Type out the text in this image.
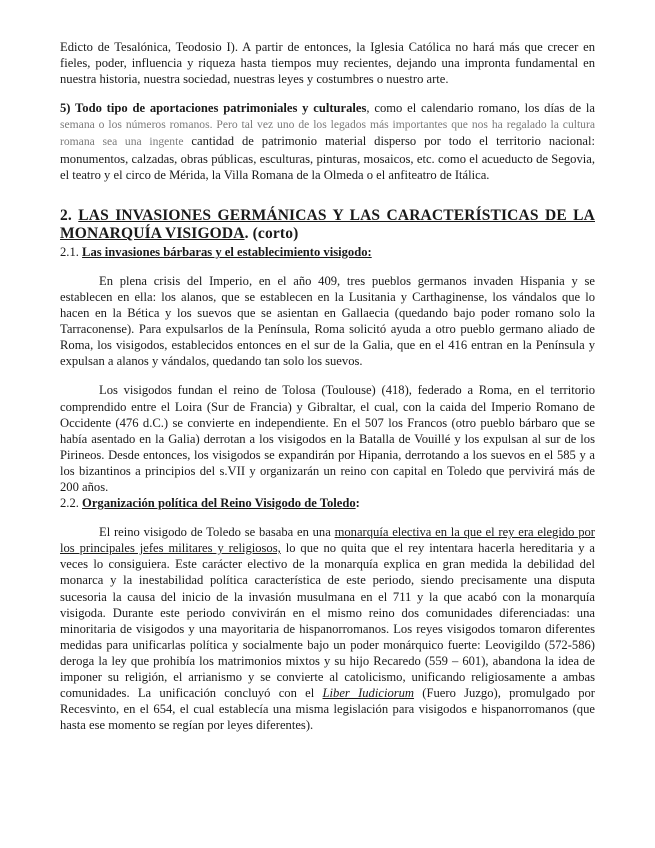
Edicto de Tesalónica, Teodosio I). A partir de entonces, la Iglesia Católica no hará más que crecer en fieles, poder, influencia y riqueza hasta tiempos muy recientes, dejando una impronta fundamental en nuestra historia, nuestra sociedad, nuestras leyes y costumbres o nuestro arte.

5) Todo tipo de aportaciones patrimoniales y culturales, como el calendario romano, los días de la semana o los números romanos. Pero tal vez uno de los legados más importantes que nos ha regalado la cultura romana sea una ingente cantidad de patrimonio material disperso por todo el territorio nacional: monumentos, calzadas, obras públicas, esculturas, pinturas, mosaicos, etc. como el acueducto de Segovia, el teatro y el circo de Mérida, la Villa Romana de la Olmeda o el anfiteatro de Itálica.

2. LAS INVASIONES GERMÁNICAS Y LAS CARACTERÍSTICAS DE LA MONARQUÍA VISIGODA. (corto)

2.1. Las invasiones bárbaras y el establecimiento visigodo:

En plena crisis del Imperio, en el año 409, tres pueblos germanos invaden Hispania y se establecen en ella: los alanos, que se establecen en la Lusitania y Carthaginense, los vándalos que lo hacen en la Bética y los suevos que se asientan en Gallaecia (quedando bajo poder romano solo la Tarraconense). Para expulsarlos de la Península, Roma solicitó ayuda a otro pueblo germano aliado de Roma, los visigodos, establecidos entonces en el sur de la Galia, que en el 416 entran en la Península y expulsan a alanos y vándalos, quedando tan solo los suevos.

Los visigodos fundan el reino de Tolosa (Toulouse) (418), federado a Roma, en el territorio comprendido entre el Loira (Sur de Francia) y Gibraltar, el cual, con la caida del Imperio Romano de Occidente (476 d.C.) se convierte en independiente. En el 507 los Francos (otro pueblo bárbaro que se había asentado en la Galia) derrotan a los visigodos en la Batalla de Vouillé y los expulsan al sur de los Pirineos. Desde entonces, los visigodos se expandirán por Hipania, derrotando a los suevos en el 585 y a los bizantinos a principios del s.VII y organizarán un reino con capital en Toledo que pervivirá más de 200 años.

2.2. Organización política del Reino Visigodo de Toledo:

El reino visigodo de Toledo se basaba en una monarquía electiva en la que el rey era elegido por los principales jefes militares y religiosos, lo que no quita que el rey intentara hacerla hereditaria y a veces lo consiguiera. Este carácter electivo de la monarquía explica en gran medida la debilidad del monarca y la inestabilidad política característica de este periodo, siendo precisamente una disputa sucesoria la causa del inicio de la invasión musulmana en el 711 y la que acabó con la monarquía visigoda. Durante este periodo convivirán en el mismo reino dos comunidades diferenciadas: una minoritaria de visigodos y una mayoritaria de hispanorromanos. Los reyes visigodos tomaron diferentes medidas para unificarlas política y socialmente bajo un poder monárquico fuerte: Leovigildo (572-586) deroga la ley que prohibía los matrimonios mixtos y su hijo Recaredo (559 – 601), abandona la idea de imponer su religión, el arrianismo y se convierte al catolicismo, unificando religiosamente a ambas comunidades. La unificación concluyó con el Liber Iudiciorum (Fuero Juzgo), promulgado por Recesvinto, en el 654, el cual establecía una misma legislación para visigodos e hispanorromanos (que hasta ese momento se regían por leyes diferentes).
